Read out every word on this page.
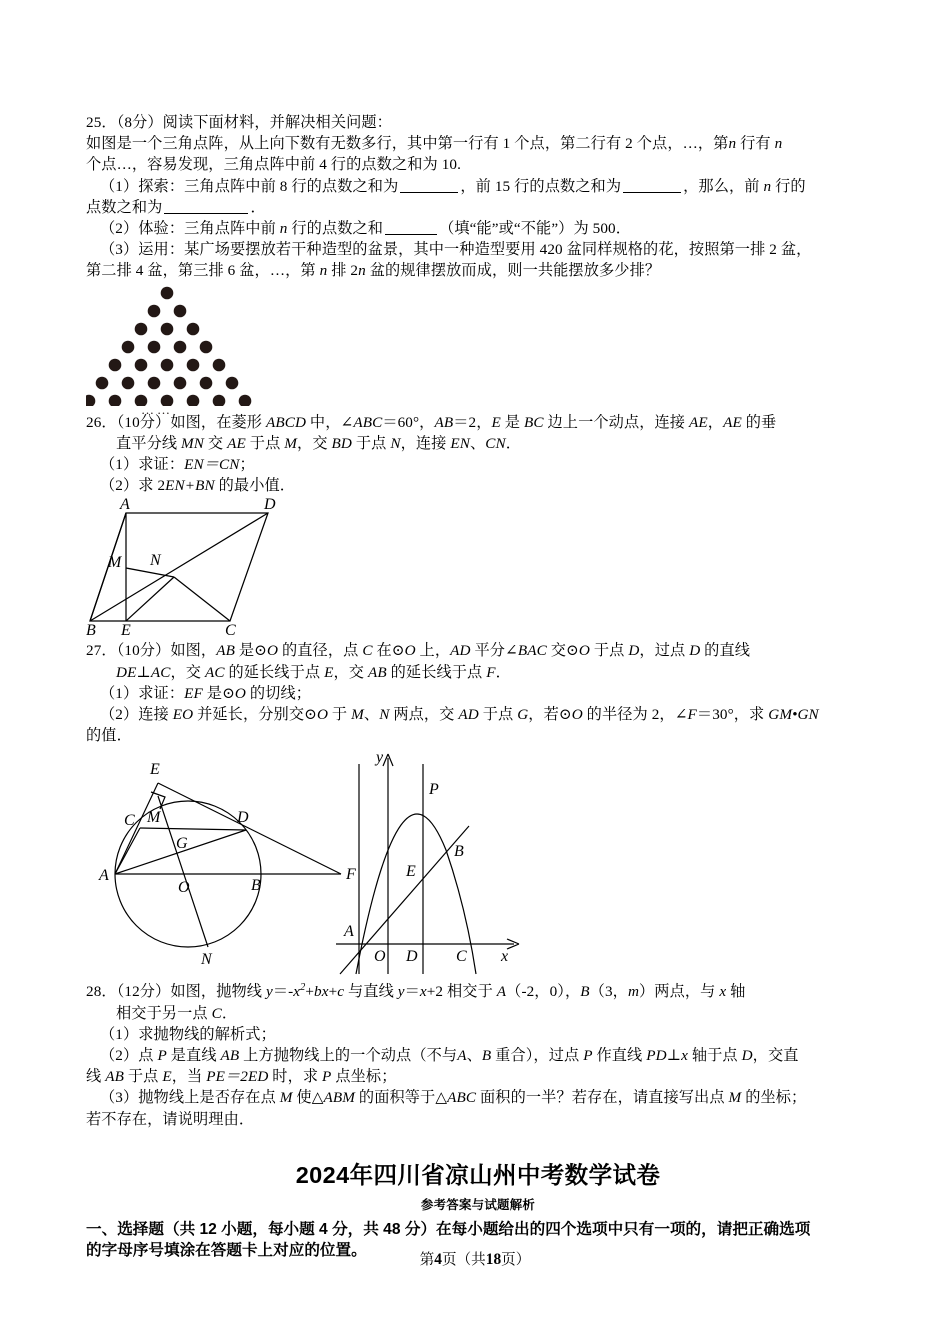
25．（8分）阅读下面材料，并解决相关问题：
如图是一个三角点阵，从上向下数有无数多行，其中第一行有 1 个点，第二行有 2 个点，…，第n 行有 n
个点…，容易发现，三角点阵中前 4 行的点数之和为 10.
（1）探索：三角点阵中前 8 行的点数之和为	，前 15 行的点数之和为	，那么，前 n 行的
点数之和为	．
（2）体验：三角点阵中前 n 行的点数之和	（填“能”或“不能”）为 500．
（3）运用：某广场要摆放若干种造型的盆景，其中一种造型要用 420 盆同样规格的花，按照第一排 2 盆，
第二排 4 盆，第三排 6 盆，…，第 n 排 2n 盆的规律摆放而成，则一共能摆放多少排？
……
26．（10分）如图，在菱形 ABCD 中，∠ABC＝60°，AB＝2，E 是 BC 边上一个动点，连接 AE，AE 的垂
直平分线 MN 交 AE 于点 M，交 BD 于点 N，连接 EN、CN．
（1）求证：EN＝CN；
（2）求 2EN+BN 的最小值．
A	D
M N
B E	C
27．（10分）如图，AB 是⊙O 的直径，点 C 在⊙O 上，AD 平分∠BAC 交⊙O 于点 D，过点 D 的直线
DE⊥AC，交 AC 的延长线于点 E，交 AB 的延长线于点 F．
（1）求证：EF 是⊙O 的切线；
（2）连接 EO 并延长，分别交⊙O 于 M、N 两点，交 AD 于点 G，若⊙O 的半径为 2，∠F＝30°，求 GM•GN
的值．
E
C M	D
G
A
O	B
F
N
y
P
B
E
A
O D C x
28．（12分）如图，抛物线 $y=-x^2+bx+c$ 与直线 y＝x+2 相交于 A（-2，0），B（3，m）两点，与 x 轴
相交于另一点 C．
（1）求抛物线的解析式；
（2）点 P 是直线 AB 上方抛物线上的一个动点（不与A、B 重合），过点 P 作直线 PD⊥x 轴于点 D，交直
线 AB 于点 E，当 PE＝2ED 时，求 P 点坐标；
（3）抛物线上是否存在点 M 使△ABM 的面积等于△ABC 面积的一半？若存在，请直接写出点 M 的坐标；
若不存在，请说明理由．
2024年四川省凉山州中考数学试卷
参考答案与试题解析
一、选择题（共 12 小题，每小题 4 分，共 48 分）在每小题给出的四个选项中只有一项的，请把正确选项
的字母序号填涂在答题卡上对应的位置。
第4页（共18页）
